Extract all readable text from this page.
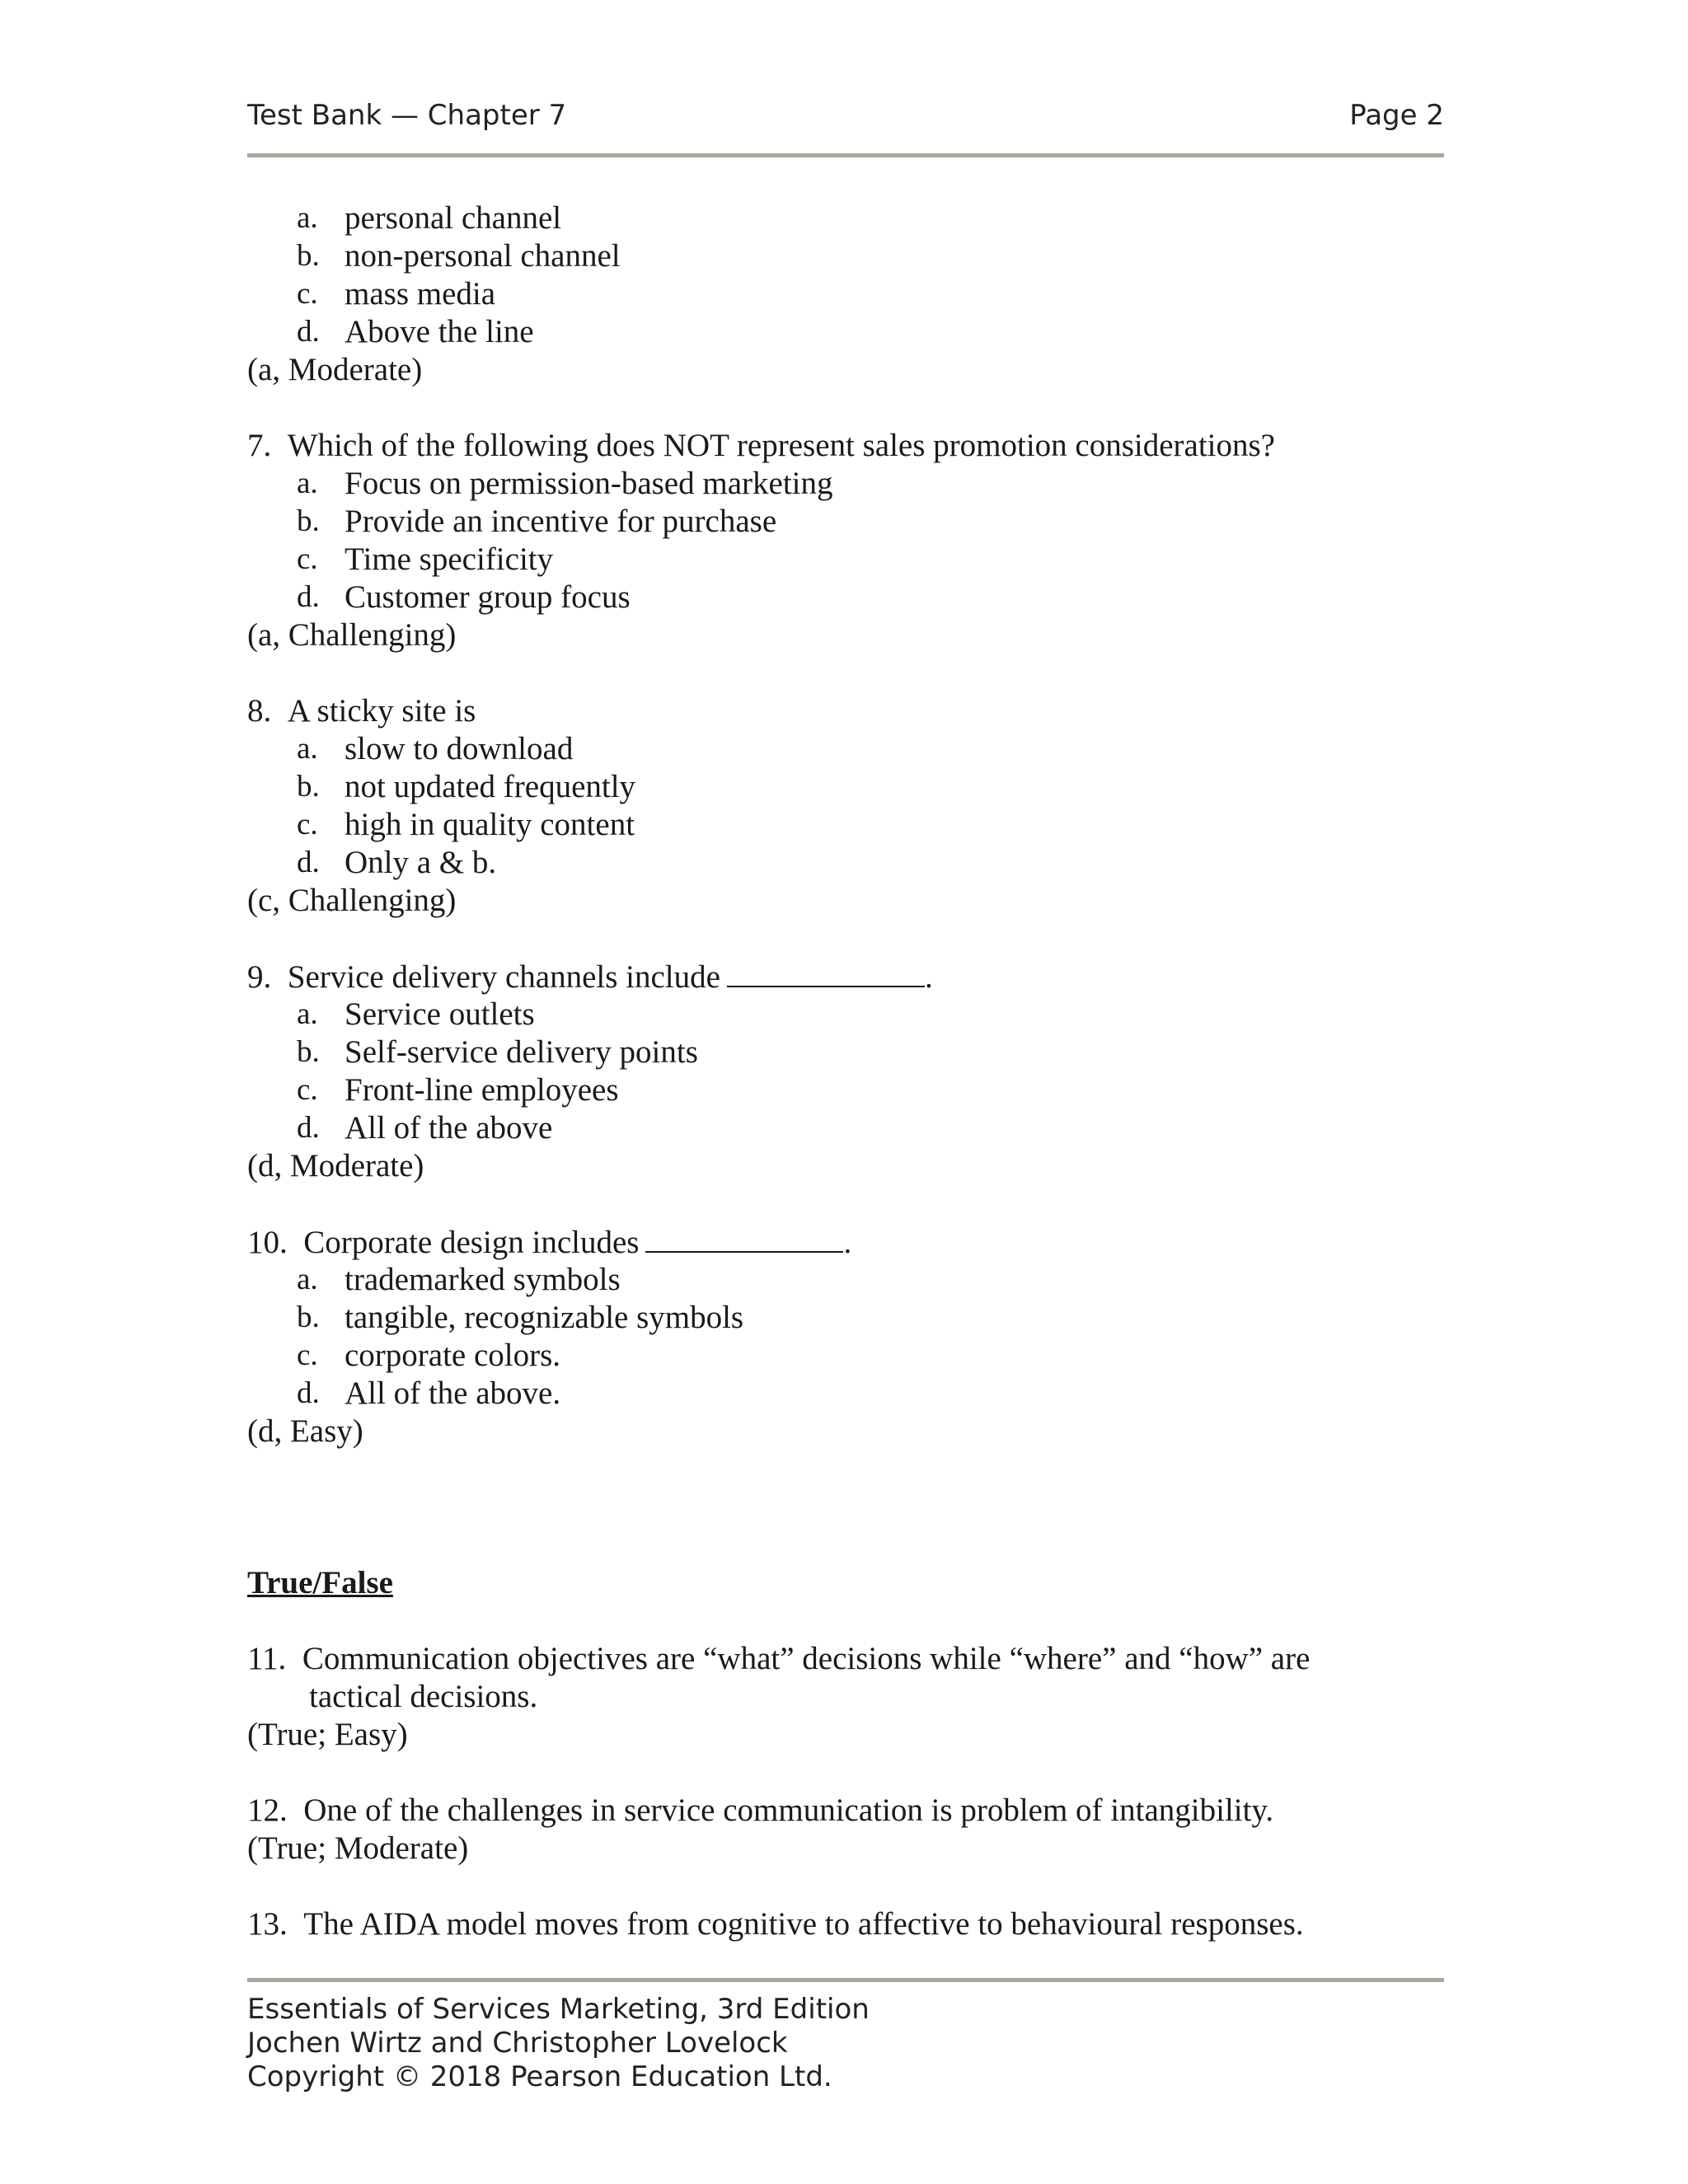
Test Bank — Chapter 7	Page 2
a. personal channel
b. non-personal channel
c. mass media
d. Above the line
(a, Moderate)
7. Which of the following does NOT represent sales promotion considerations?
a. Focus on permission-based marketing
b. Provide an incentive for purchase
c. Time specificity
d. Customer group focus
(a, Challenging)
8. A sticky site is
a. slow to download
b. not updated frequently
c. high in quality content
d. Only a & b.
(c, Challenging)
9. Service delivery channels include	.
a. Service outlets
b. Self-service delivery points
c. Front-line employees
d. All of the above
(d, Moderate)
10. Corporate design includes	.
a. trademarked symbols
b. tangible, recognizable symbols
c. corporate colors.
d. All of the above.
(d, Easy)
True/False
11. Communication objectives are “what” decisions while “where” and “how” are
tactical decisions.
(True; Easy)
12. One of the challenges in service communication is problem of intangibility.
(True; Moderate)
13. The AIDA model moves from cognitive to affective to behavioural responses.
Essentials of Services Marketing, 3rd Edition
Jochen Wirtz and Christopher Lovelock
Copyright © 2018 Pearson Education Ltd.
